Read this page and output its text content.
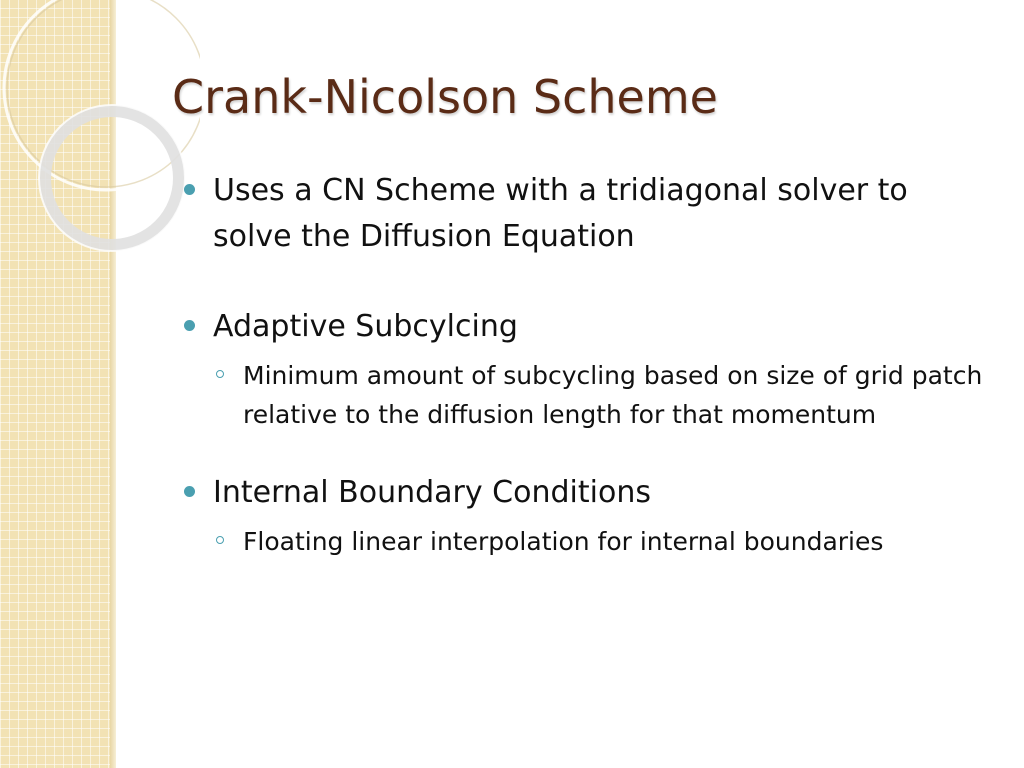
Crank-Nicolson Scheme
Uses a CN Scheme with a tridiagonal solver to solve the Diffusion Equation
Adaptive Subcylcing
Minimum amount of subcycling based on size of grid patch relative to the diffusion length for that momentum
Internal Boundary Conditions
Floating linear interpolation for internal boundaries
